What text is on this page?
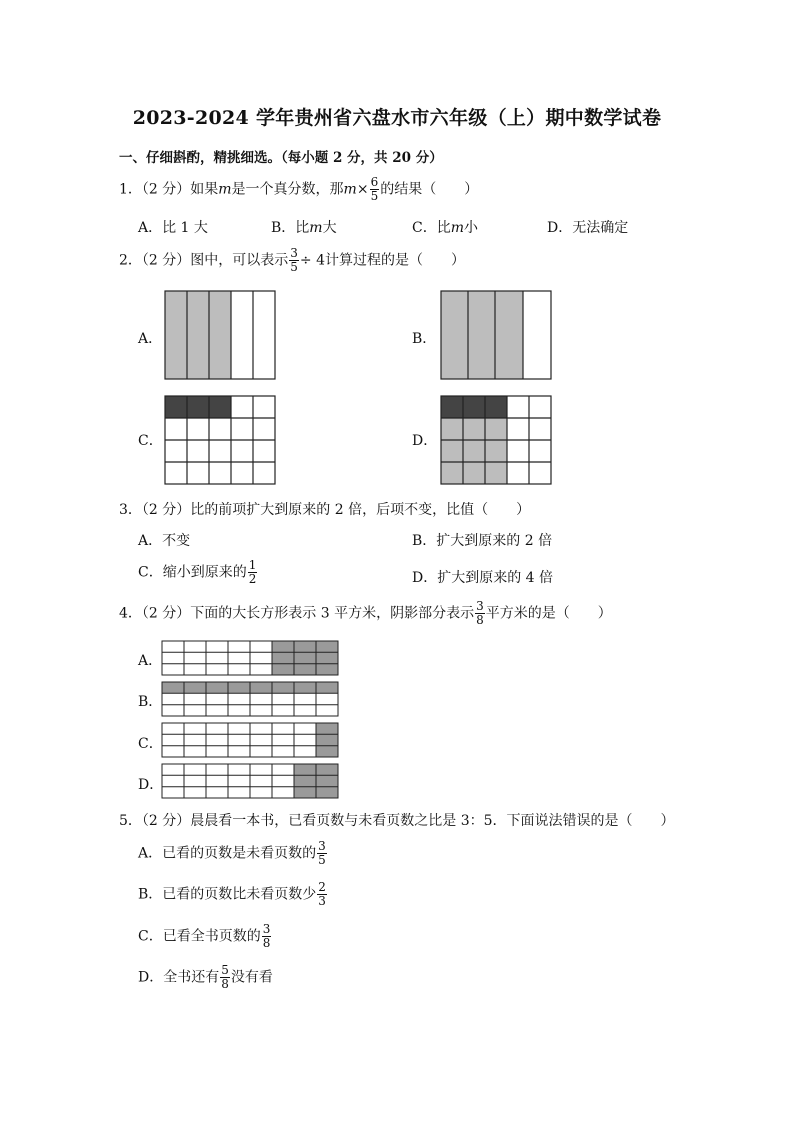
2023-2024 学年贵州省六盘水市六年级（上）期中数学试卷
一、仔细斟酌，精挑细选。（每小题 2 分，共 20 分）
1．（2 分）如果m是一个真分数，那$m\times \frac{6}{5}$ 的结果（　　）
A．比 1 大	B．比m大	C．比m小	D．无法确定
2．（2 分）图中，可以表示 $\frac{3}{5} \div 4$计算过程的是（　　）
A．	B．
C．	D．
3．（2 分）比的前项扩大到原来的 2 倍，后项不变，比值（　　）
A．不变	B．扩大到原来的 2 倍
C．缩小到原来的 $\frac{1}{2}$	D．扩大到原来的 4 倍
4．（2 分）下面的大长方形表示 3 平方米，阴影部分表示 $\frac{3}{8}$ 平方米的是（　　）
A．
B．
C．
D．
5．（2 分）晨晨看一本书，已看页数与未看页数之比是 3：5．下面说法错误的是（　　）
A．已看的页数是未看页数的 $\frac{3}{5}$
B．已看的页数比未看页数少 $\frac{2}{3}$
C．已看全书页数的 $\frac{3}{8}$
D．全书还有 $\frac{5}{8}$ 没有看
